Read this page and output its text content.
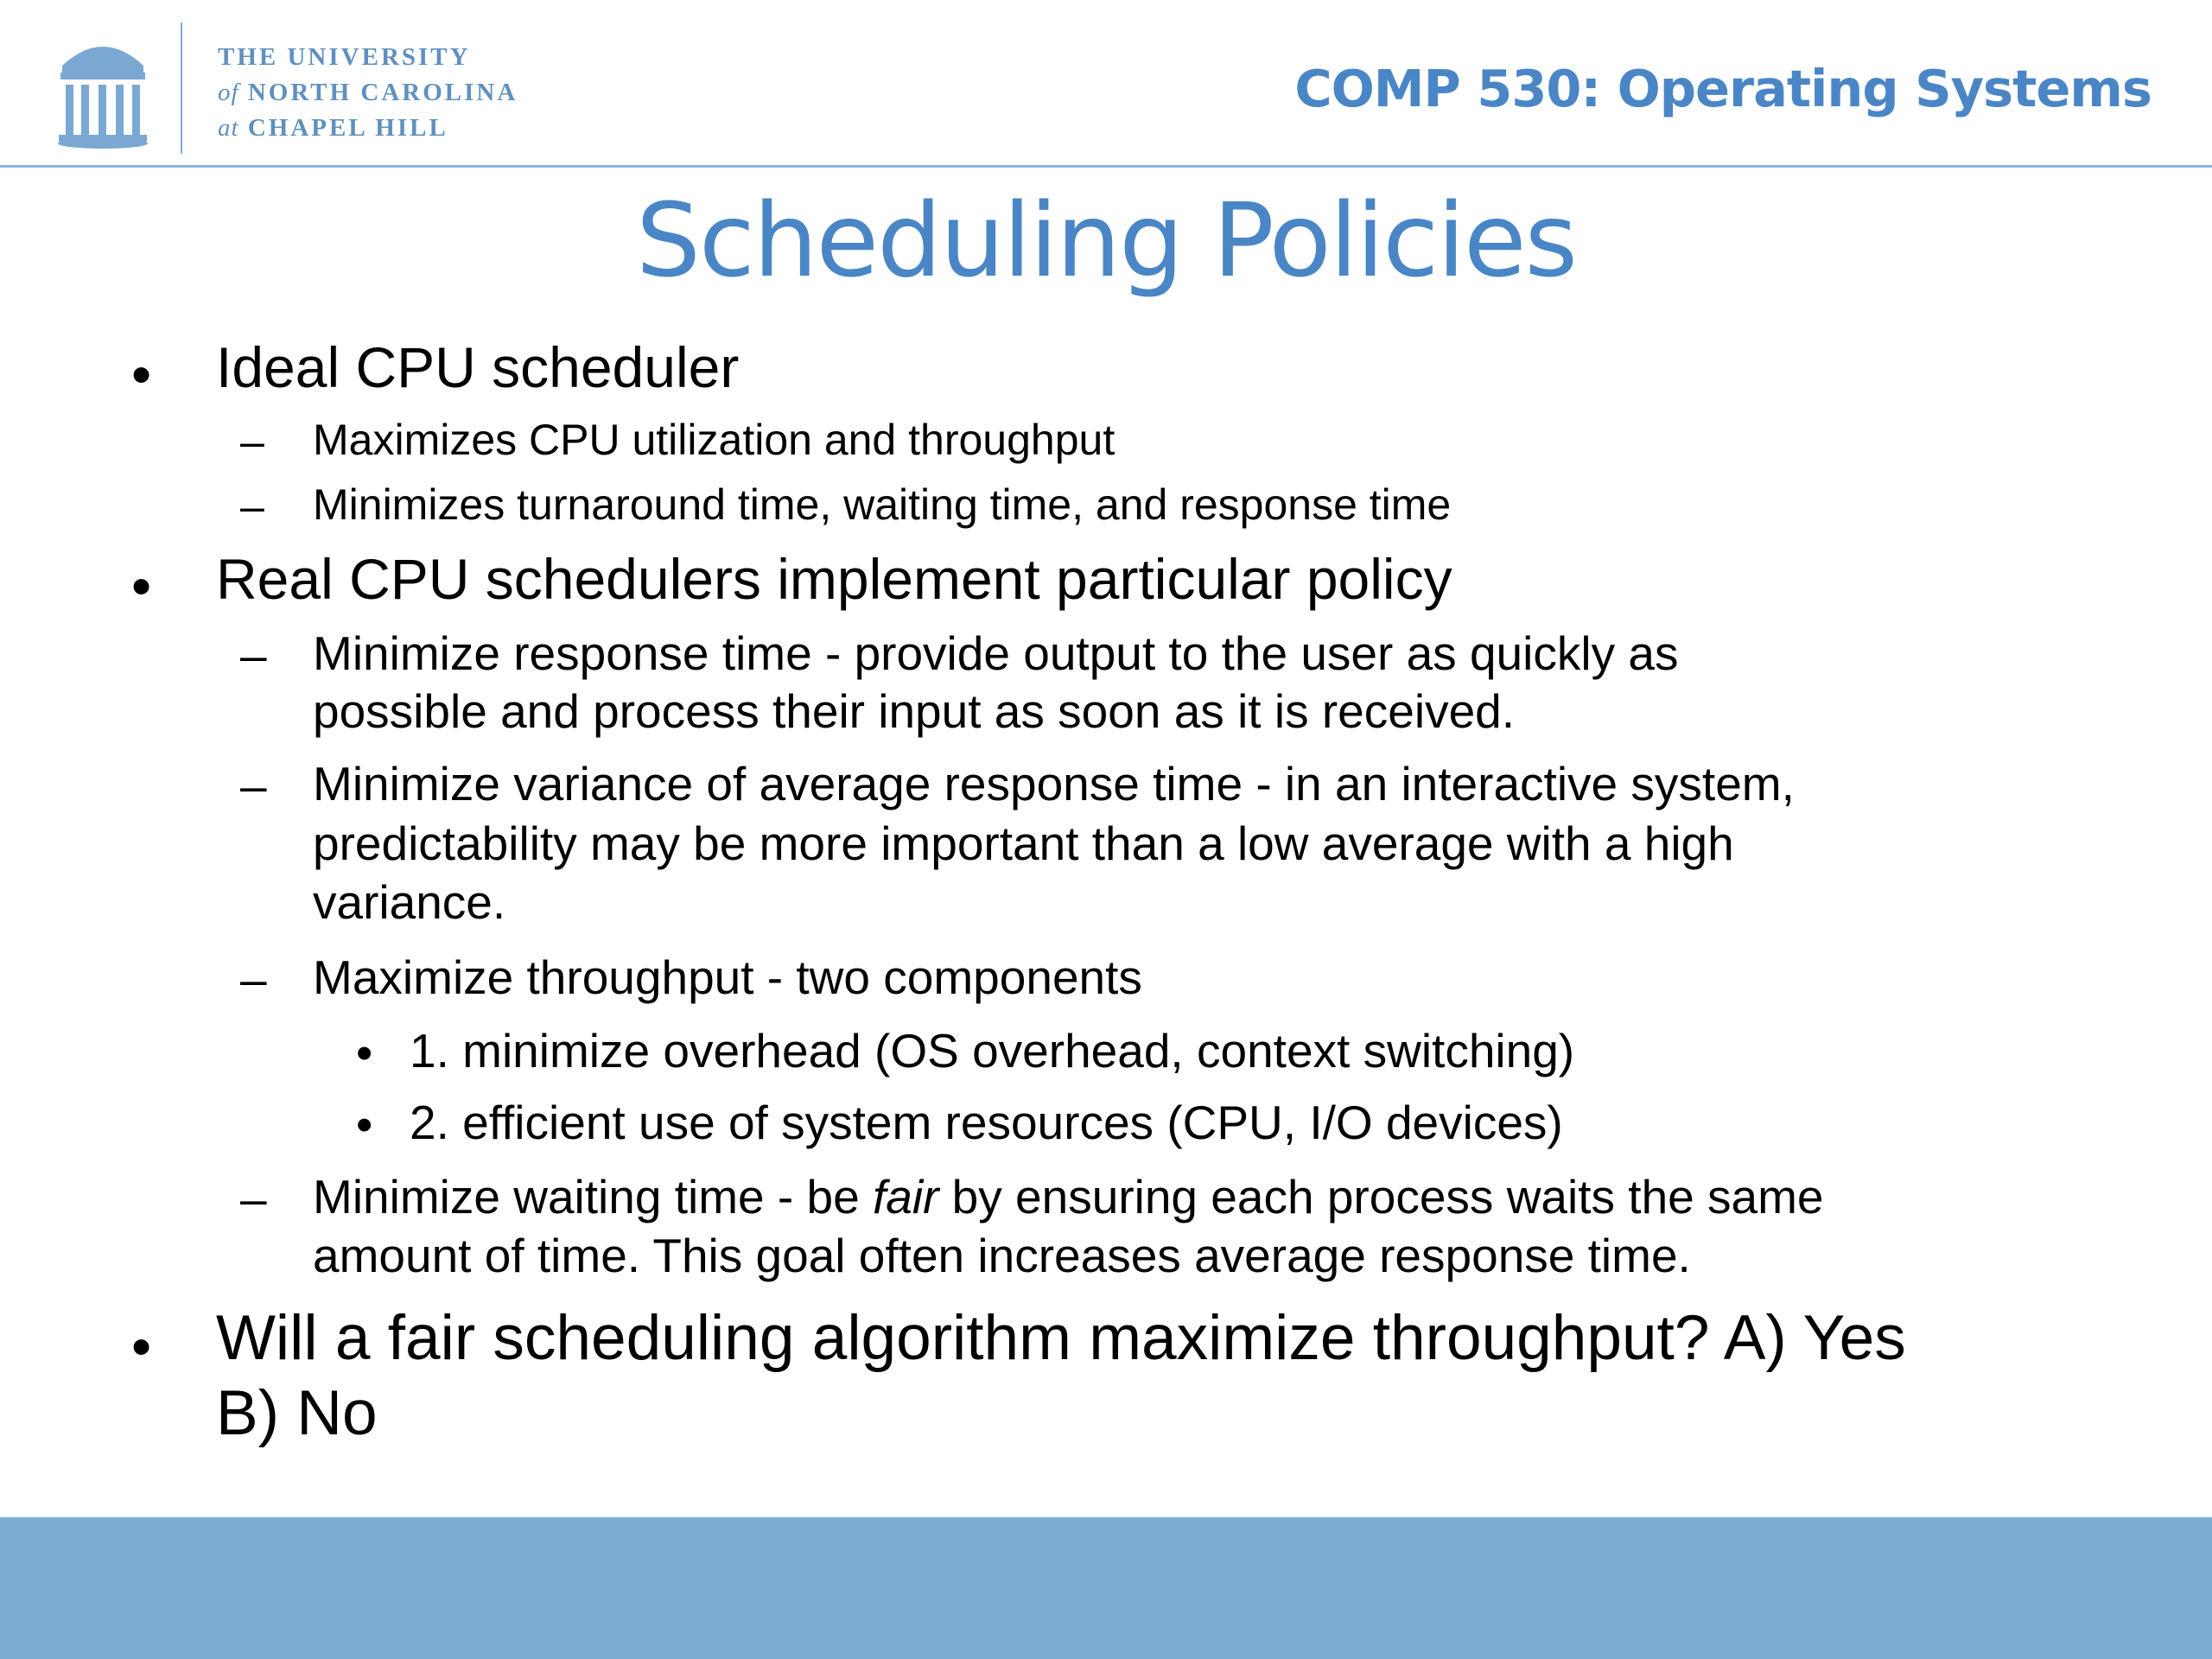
THE UNIVERSITY
of NORTH CAROLINA
at CHAPEL HILL
COMP 530: Operating Systems
Scheduling Policies
• Ideal CPU scheduler
– Maximizes CPU utilization and throughput
– Minimizes turnaround time, waiting time, and response time
• Real CPU schedulers implement particular policy
– Minimize response time - provide output to the user as quickly as
possible and process their input as soon as it is received.
– Minimize variance of average response time - in an interactive system,
predictability may be more important than a low average with a high
variance.
– Maximize throughput - two components
• 1. minimize overhead (OS overhead, context switching)
• 2. efficient use of system resources (CPU, I/O devices)
– Minimize waiting time - be fair by ensuring each process waits the same
amount of time. This goal often increases average response time.
• Will a fair scheduling algorithm maximize throughput? A) Yes
B) No
